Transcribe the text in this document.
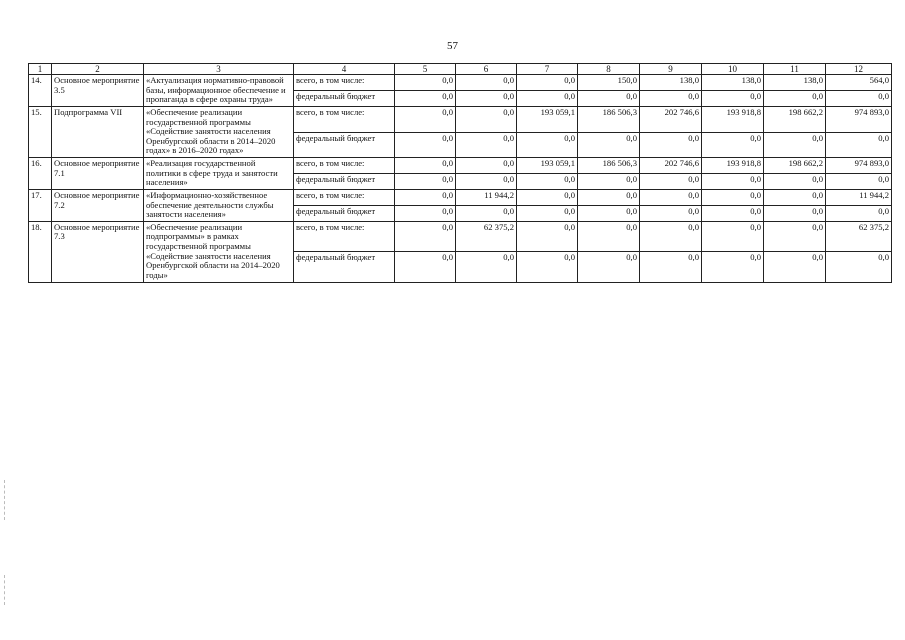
57
1	2	3	4	5	6	7	8	9	10	11	12
14.	Основное мероприятие 3.5	«Актуализация нормативно-правовой базы, информационное обеспечение и пропаганда в сфере охраны труда»	всего, в том числе:	0,0	0,0	0,0	150,0	138,0	138,0	138,0	564,0
			федеральный бюджет	0,0	0,0	0,0	0,0	0,0	0,0	0,0	0,0
15.	Подпрограмма VII	«Обеспечение реализации государственной программы «Содействие занятости населения Оренбургской области в 2014–2020 годах» в 2016–2020 годах»	всего, в том числе:	0,0	0,0	193 059,1	186 506,3	202 746,6	193 918,8	198 662,2	974 893,0
			федеральный бюджет	0,0	0,0	0,0	0,0	0,0	0,0	0,0	0,0
16.	Основное мероприятие 7.1	«Реализация государственной политики в сфере труда и занятости населения»	всего, в том числе:	0,0	0,0	193 059,1	186 506,3	202 746,6	193 918,8	198 662,2	974 893,0
			федеральный бюджет	0,0	0,0	0,0	0,0	0,0	0,0	0,0	0,0
17.	Основное мероприятие 7.2	«Информационно-хозяйственное обеспечение деятельности службы занятости населения»	всего, в том числе:	0,0	11 944,2	0,0	0,0	0,0	0,0	0,0	11 944,2
			федеральный бюджет	0,0	0,0	0,0	0,0	0,0	0,0	0,0	0,0
18.	Основное мероприятие 7.3	«Обеспечение реализации подпрограммы» в рамках государственной программы «Содействие занятости населения Оренбургской области на 2014–2020 годы»	всего, в том числе:	0,0	62 375,2	0,0	0,0	0,0	0,0	0,0	62 375,2
			федеральный бюджет	0,0	0,0	0,0	0,0	0,0	0,0	0,0	0,0
